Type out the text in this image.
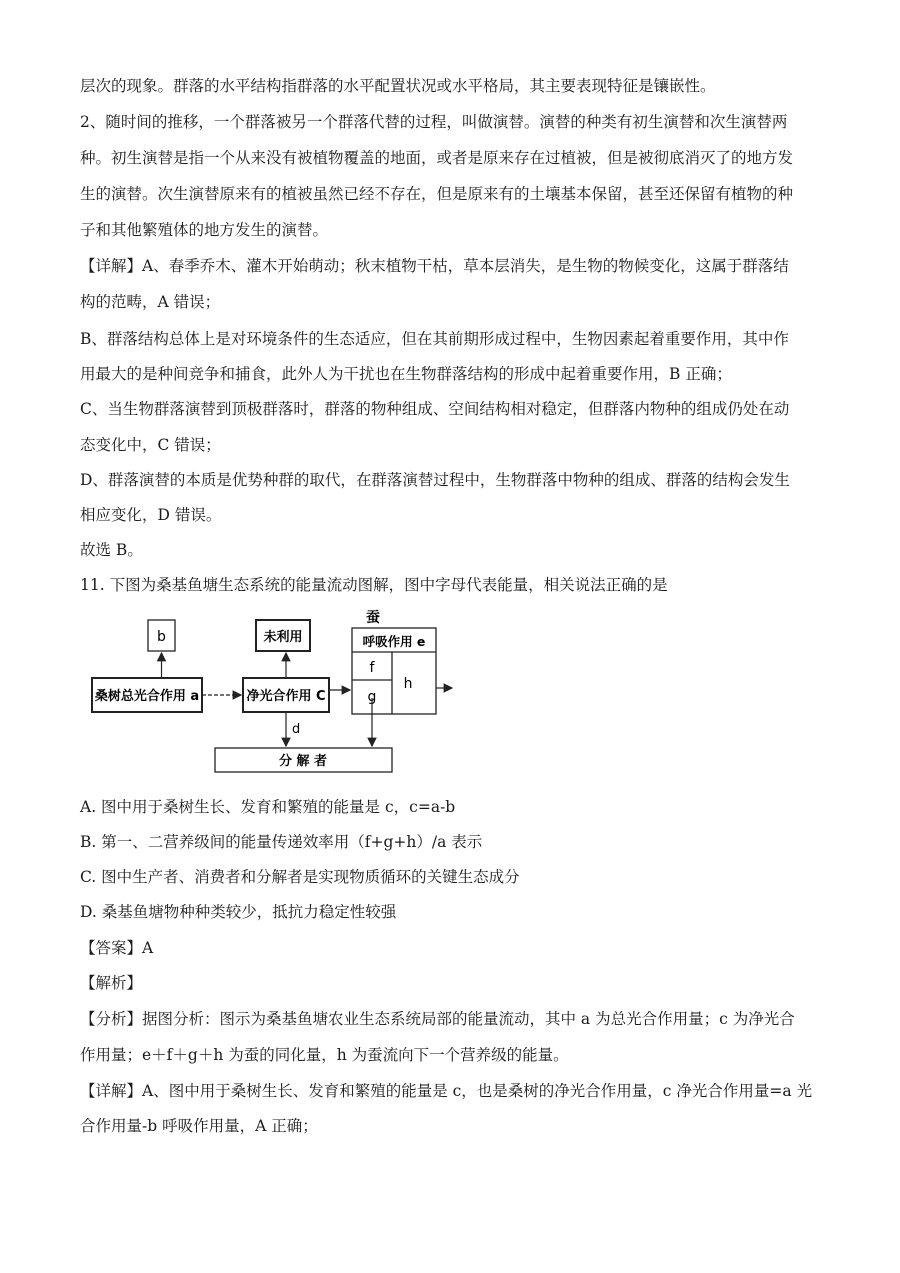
层次的现象。群落的水平结构指群落的水平配置状况或水平格局，其主要表现特征是镶嵌性。
2、随时间的推移，一个群落被另一个群落代替的过程，叫做演替。演替的种类有初生演替和次生演替两
种。初生演替是指一个从来没有被植物覆盖的地面，或者是原来存在过植被，但是被彻底消灭了的地方发
生的演替。次生演替原来有的植被虽然已经不存在，但是原来有的土壤基本保留，甚至还保留有植物的种
子和其他繁殖体的地方发生的演替。
【详解】A、春季乔木、灌木开始萌动；秋末植物干枯，草本层消失，是生物的物候变化，这属于群落结
构的范畴，A 错误；
B、群落结构总体上是对环境条件的生态适应，但在其前期形成过程中，生物因素起着重要作用，其中作
用最大的是种间竞争和捕食，此外人为干扰也在生物群落结构的形成中起着重要作用，B 正确；
C、当生物群落演替到顶极群落时，群落的物种组成、空间结构相对稳定，但群落内物种的组成仍处在动
态变化中，C 错误；
D、群落演替的本质是优势种群的取代，在群落演替过程中，生物群落中物种的组成、群落的结构会发生
相应变化，D 错误。
故选 B。
11. 下图为桑基鱼塘生态系统的能量流动图解，图中字母代表能量，相关说法正确的是
蚕
b	未利用	呼吸作用 e
f
g
h
桑树总光合作用 a	净光合作用 C
分 解 者
d
A. 图中用于桑树生长、发育和繁殖的能量是 c，c=a-b
B. 第一、二营养级间的能量传递效率用（f+g+h）/a 表示
C. 图中生产者、消费者和分解者是实现物质循环的关键生态成分
D. 桑基鱼塘物种种类较少，抵抗力稳定性较强
【答案】A
【解析】
【分析】据图分析：图示为桑基鱼塘农业生态系统局部的能量流动，其中 a 为总光合作用量；c 为净光合
作用量；e＋f＋g＋h 为蚕的同化量，h 为蚕流向下一个营养级的能量。
【详解】A、图中用于桑树生长、发育和繁殖的能量是 c，也是桑树的净光合作用量，c 净光合作用量=a 光
合作用量-b 呼吸作用量，A 正确；
